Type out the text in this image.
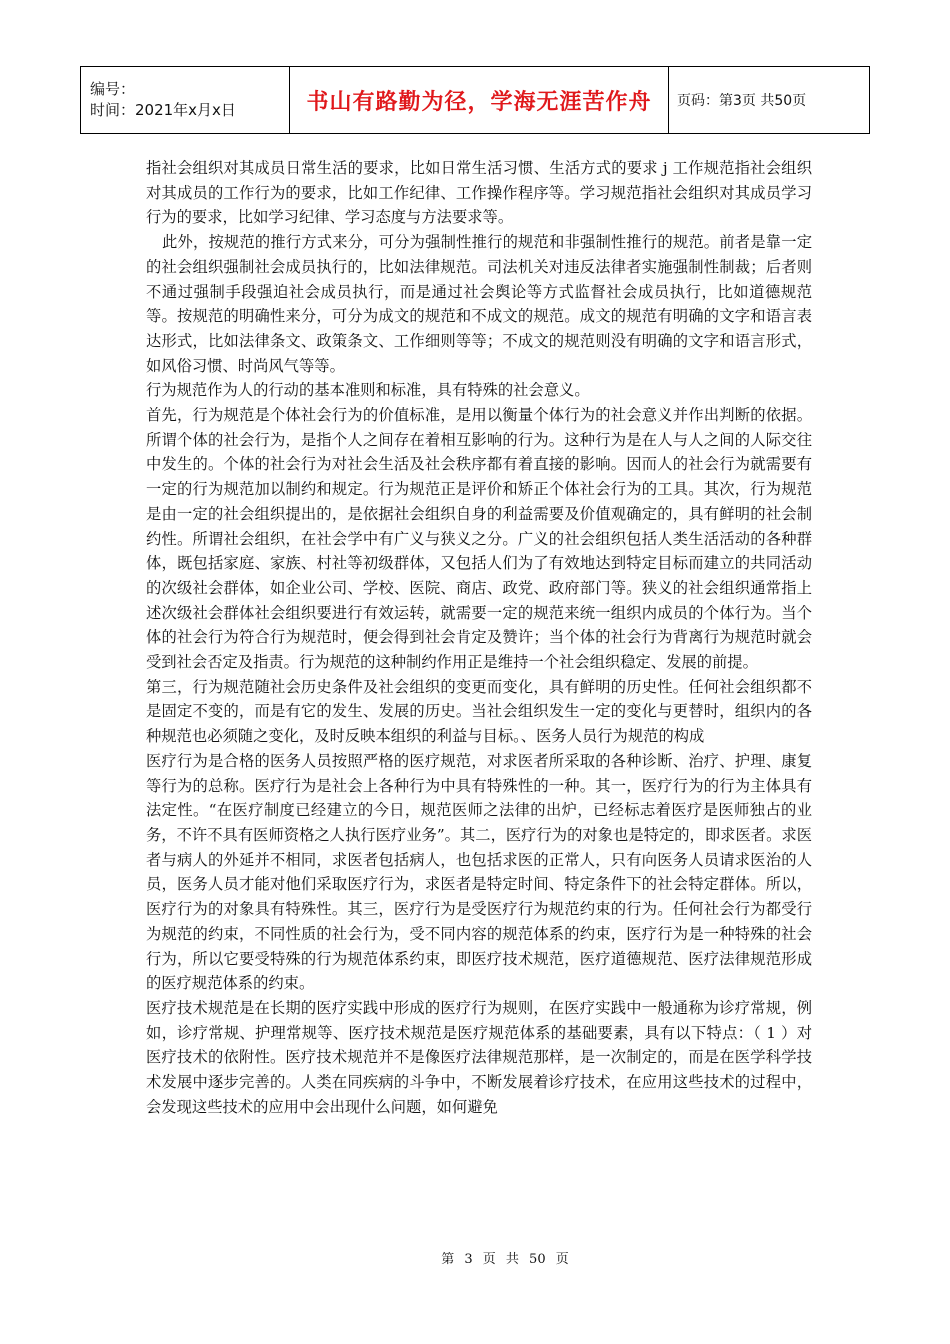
编号：
时间：2021年x月x日	书山有路勤为径，学海无涯苦作舟	页码：第3页 共50页

指社会组织对其成员日常生活的要求，比如日常生活习惯、生活方式的要求 j 工作规范指社会组织对其成员的工作行为的要求，比如工作纪律、工作操作程序等。学习规范指社会组织对其成员学习行为的要求，比如学习纪律、学习态度与方法要求等。

此外，按规范的推行方式来分，可分为强制性推行的规范和非强制性推行的规范。前者是靠一定的社会组织强制社会成员执行的，比如法律规范。司法机关对违反法律者实施强制性制裁；后者则不通过强制手段强迫社会成员执行，而是通过社会舆论等方式监督社会成员执行，比如道德规范等。按规范的明确性来分，可分为成文的规范和不成文的规范。成文的规范有明确的文字和语言表达形式，比如法律条文、政策条文、工作细则等等；不成文的规范则没有明确的文字和语言形式，如风俗习惯、时尚风气等等。

行为规范作为人的行动的基本准则和标准，具有特殊的社会意义。

首先，行为规范是个体社会行为的价值标准，是用以衡量个体行为的社会意义并作出判断的依据。所谓个体的社会行为，是指个人之间存在着相互影响的行为。这种行为是在人与人之间的人际交往中发生的。个体的社会行为对社会生活及社会秩序都有着直接的影响。因而人的社会行为就需要有一定的行为规范加以制约和规定。行为规范正是评价和矫正个体社会行为的工具。其次，行为规范是由一定的社会组织提出的，是依据社会组织自身的利益需要及价值观确定的，具有鲜明的社会制约性。所谓社会组织，在社会学中有广义与狭义之分。广义的社会组织包括人类生活活动的各种群体，既包括家庭、家族、村社等初级群体，又包括人们为了有效地达到特定目标而建立的共同活动的次级社会群体，如企业公司、学校、医院、商店、政党、政府部门等。狭义的社会组织通常指上述次级社会群体社会组织要进行有效运转，就需要一定的规范来统一组织内成员的个体行为。当个体的社会行为符合行为规范时，便会得到社会肯定及赞许；当个体的社会行为背离行为规范时就会受到社会否定及指责。行为规范的这种制约作用正是维持一个社会组织稳定、发展的前提。

第三，行为规范随社会历史条件及社会组织的变更而变化，具有鲜明的历史性。任何社会组织都不是固定不变的，而是有它的发生、发展的历史。当社会组织发生一定的变化与更替时，组织内的各种规范也必须随之变化，及时反映本组织的利益与目标。、医务人员行为规范的构成

医疗行为是合格的医务人员按照严格的医疗规范，对求医者所采取的各种诊断、治疗、护理、康复等行为的总称。医疗行为是社会上各种行为中具有特殊性的一种。其一，医疗行为的行为主体具有法定性。“在医疗制度已经建立的今日，规范医师之法律的出炉，已经标志着医疗是医师独占的业务，不许不具有医师资格之人执行医疗业务”。其二，医疗行为的对象也是特定的，即求医者。求医者与病人的外延并不相同，求医者包括病人，也包括求医的正常人，只有向医务人员请求医治的人员，医务人员才能对他们采取医疗行为，求医者是特定时间、特定条件下的社会特定群体。所以，医疗行为的对象具有特殊性。其三，医疗行为是受医疗行为规范约束的行为。任何社会行为都受行为规范的约束，不同性质的社会行为，受不同内容的规范体系的约束，医疗行为是一种特殊的社会行为，所以它要受特殊的行为规范体系约束，即医疗技术规范，医疗道德规范、医疗法律规范形成的医疗规范体系的约束。

医疗技术规范是在长期的医疗实践中形成的医疗行为规则，在医疗实践中一般通称为诊疗常规，例如，诊疗常规、护理常规等、医疗技术规范是医疗规范体系的基础要素，具有以下特点：（ 1 ）对医疗技术的依附性。医疗技术规范并不是像医疗法律规范那样，是一次制定的，而是在医学科学技术发展中逐步完善的。人类在同疾病的斗争中，不断发展着诊疗技术，在应用这些技术的过程中，会发现这些技术的应用中会出现什么问题，如何避免

第 3 页 共 50 页
